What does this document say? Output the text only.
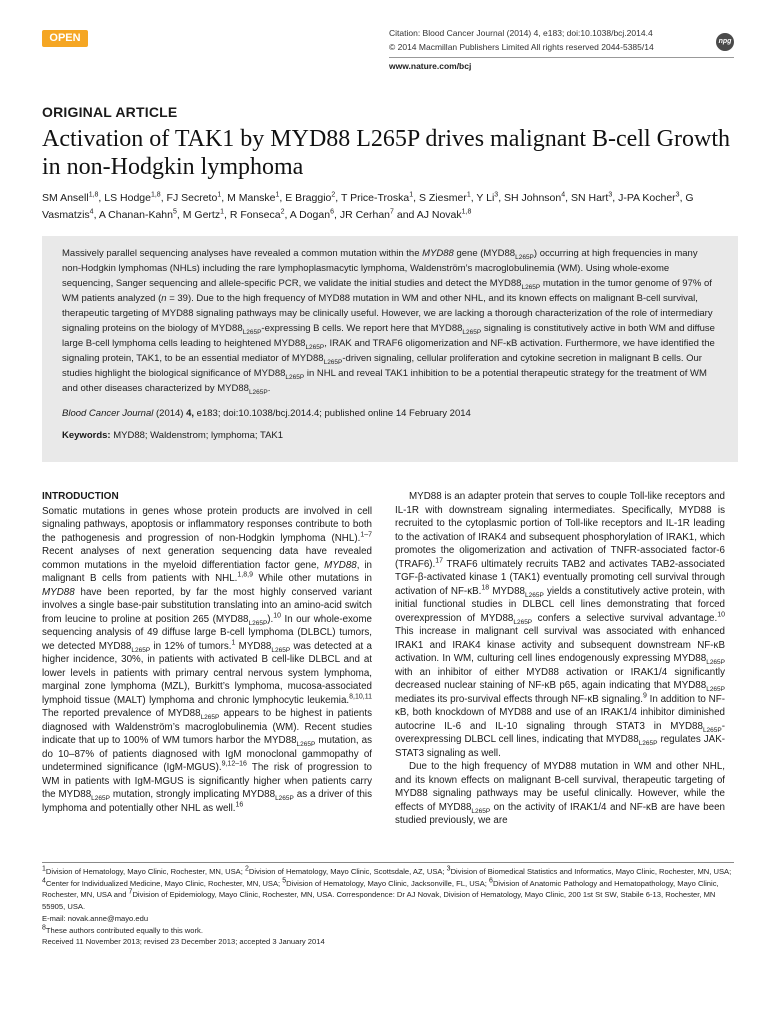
OPEN	Citation: Blood Cancer Journal (2014) 4, e183; doi:10.1038/bcj.2014.4
© 2014 Macmillan Publishers Limited All rights reserved 2044-5385/14
npg
www.nature.com/bcj
ORIGINAL ARTICLE
Activation of TAK1 by MYD88 L265P drives malignant B-cell Growth in non-Hodgkin lymphoma
SM Ansell$^{1,8}$, LS Hodge$^{1,8}$, FJ Secreto$^1$, M Manske$^1$, E Braggio$^2$, T Price-Troska$^1$, S Ziesmer$^1$, Y Li$^3$, SH Johnson$^4$, SN Hart$^3$, J-PA Kocher$^3$, G Vasmatzis$^4$, A Chanan-Kahn$^5$, M Gertz$^1$, R Fonseca$^2$, A Dogan$^6$, JR Cerhan$^7$ and AJ Novak$^{1,8}$
Massively parallel sequencing analyses have revealed a common mutation within the MYD88 gene $(MYD88_{L265P})$ occurring at high frequencies in many non-Hodgkin lymphomas (NHLs) including the rare lymphoplasmacytic lymphoma, Waldenström’s macroglobulinemia (WM). Using whole-exome sequencing, Sanger sequencing and allele-specific PCR, we validate the initial studies and detect the $MYD88_{L265P}$ mutation in the tumor genome of 97% of WM patients analyzed (n = 39). Due to the high frequency of MYD88 mutation in WM and other NHL, and its known effects on malignant B-cell survival, therapeutic targeting of MYD88 signaling pathways may be clinically useful. However, we are lacking a thorough characterization of the role of intermediary signaling proteins on the biology of $MYD88_{L265P}$-expressing B cells. We report here that $MYD88_{L265P}$ signaling is constitutively active in both WM and diffuse large B-cell lymphoma cells leading to heightened $MYD88_{L265P}$, IRAK and TRAF6 oligomerization and NF-κB activation. Furthermore, we have identified the signaling protein, TAK1, to be an essential mediator of $MYD88_{L265P}$-driven signaling, cellular proliferation and cytokine secretion in malignant B cells. Our studies highlight the biological significance of $MYD88_{L265P}$ in NHL and reveal TAK1 inhibition to be a potential therapeutic strategy for the treatment of WM and other diseases characterized by $MYD88_{L265P}$.
Blood Cancer Journal (2014) 4, e183; doi:10.1038/bcj.2014.4; published online 14 February 2014
Keywords: MYD88; Waldenstrom; lymphoma; TAK1
INTRODUCTION

Somatic mutations in genes whose protein products are involved in cell signaling pathways, apoptosis or inflammatory responses contribute to both the pathogenesis and progression of non-Hodgkin lymphoma (NHL).$^{1-7}$ Recent analyses of next generation sequencing data have revealed common mutations in the myeloid differentiation factor gene, MYD88, in malignant B cells from patients with NHL.$^{1,8,9}$ While other mutations in MYD88 have been reported, by far the most highly conserved variant involves a single base-pair substitution translating into an amino-acid switch from leucine to proline at position 265 $(MYD88_{L265P}).^{10}$ In our whole-exome sequencing analysis of 49 diffuse large B-cell lymphoma (DLBCL) tumors, we detected $MYD88_{L265P}$ in 12% of tumors.$^1$ $MYD88_{L265P}$ was detected at a higher incidence, 30%, in patients with activated B cell-like DLBCL and at lower levels in patients with primary central nervous system lymphoma, marginal zone lymphoma (MZL), Burkitt’s lymphoma, mucosa-associated lymphoid tissue (MALT) lymphoma and chronic lymphocytic leukemia.$^{8,10,11}$ The reported prevalence of $MYD88_{L265P}$ appears to be highest in patients diagnosed with Waldenström’s macroglobulinemia (WM). Recent studies indicate that up to 100% of WM tumors harbor the $MYD88_{L265P}$ mutation, as do 10–87% of patients diagnosed with IgM monoclonal gammopathy of undetermined significance (IgM-MGUS).$^{9,12-16}$ The risk of progression to WM in patients with IgM-MGUS is significantly higher when patients carry the $MYD88_{L265P}$ mutation, strongly implicating $MYD88_{L265P}$ as a driver of this lymphoma and potentially other NHL as well.$^{16}$

MYD88 is an adapter protein that serves to couple Toll-like receptors and IL-1R with downstream signaling intermediates. Specifically, MYD88 is recruited to the cytoplasmic portion of Toll-like receptors and IL-1R leading to the activation of IRAK4 and subsequent phosphorylation of IRAK1, which promotes the oligomerization and activation of TNFR-associated factor-6 (TRAF6).$^{17}$ TRAF6 ultimately recruits TAB2 and activates TAB2-associated TGF-β-activated kinase 1 (TAK1) eventually promoting cell survival through activation of NF-κB.$^{18}$ $MYD88_{L265P}$ yields a constitutively active protein, with initial functional studies in DLBCL cell lines demonstrating that forced overexpression of $MYD88_{L265P}$ confers a selective survival advantage.$^{10}$ This increase in malignant cell survival was associated with enhanced IRAK1 and IRAK4 kinase activity and subsequent downstream NF-κB activation. In WM, culturing cell lines endogenously expressing $MYD88_{L265P}$ with an inhibitor of either MYD88 activation or IRAK1/4 significantly decreased nuclear staining of NF-κB p65, again indicating that $MYD88_{L265P}$ mediates its pro-survival effects through NF-κB signaling.$^9$ In addition to NF-κB, both knockdown of MYD88 and use of an IRAK1/4 inhibitor diminished autocrine IL-6 and IL-10 signaling through STAT3 in $MYD88_{L265P}$-overexpressing DLBCL cell lines, indicating that $MYD88_{L265P}$ regulates JAK-STAT3 signaling as well.

Due to the high frequency of MYD88 mutation in WM and other NHL, and its known effects on malignant B-cell survival, therapeutic targeting of MYD88 signaling pathways may be useful clinically. However, while the effects of $MYD88_{L265P}$ on the activity of IRAK1/4 and NF-κB are have been studied previously, we are

$^1$Division of Hematology, Mayo Clinic, Rochester, MN, USA; $^2$Division of Hematology, Mayo Clinic, Scottsdale, AZ, USA; $^3$Division of Biomedical Statistics and Informatics, Mayo Clinic, Rochester, MN, USA; $^4$Center for Individualized Medicine, Mayo Clinic, Rochester, MN, USA; $^5$Division of Hematology, Mayo Clinic, Jacksonville, FL, USA; $^6$Division of Anatomic Pathology and Hematopathology, Mayo Clinic, Rochester, MN, USA and $^7$Division of Epidemiology, Mayo Clinic, Rochester, MN, USA. Correspondence: Dr AJ Novak, Division of Hematology, Mayo Clinic, 200 1st St SW, Stabile 6-13, Rochester, MN 55905, USA.
E-mail: novak.anne@mayo.edu
$^8$These authors contributed equally to this work.
Received 11 November 2013; revised 23 December 2013; accepted 3 January 2014
